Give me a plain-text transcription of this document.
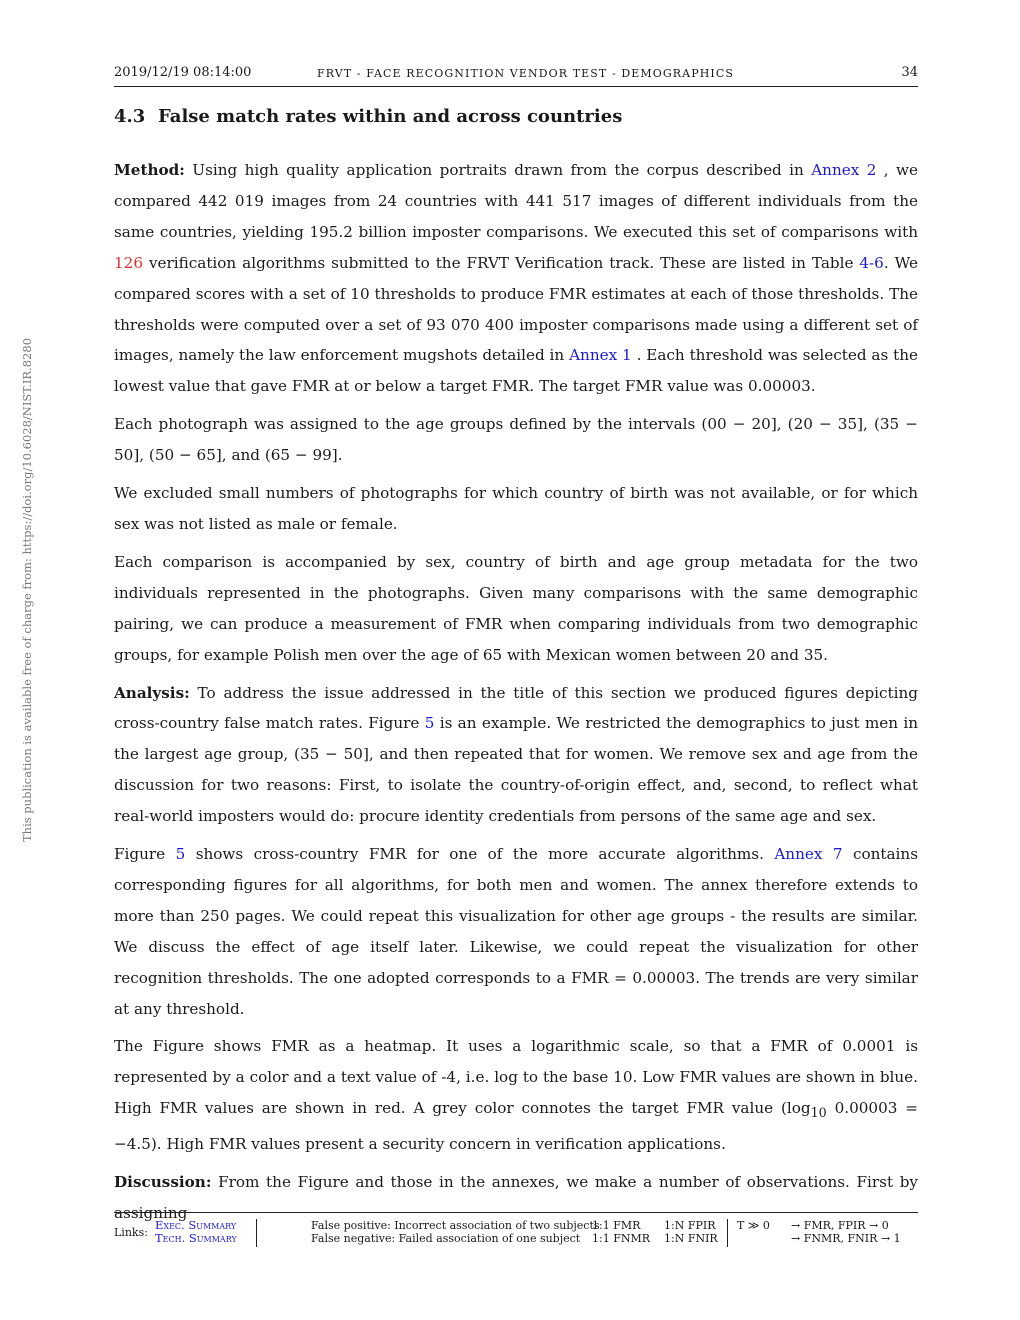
2019/12/19 08:14:00	FRVT - FACE RECOGNITION VENDOR TEST - DEMOGRAPHICS	34
This publication is available free of charge from: https://doi.org/10.6028/NIST.IR.8280
4.3 False match rates within and across countries

Method: Using high quality application portraits drawn from the corpus described in Annex 2 , we compared 442 019 images from 24 countries with 441 517 images of different individuals from the same countries, yielding 195.2 billion imposter comparisons. We executed this set of comparisons with 126 verification algorithms submitted to the FRVT Verification track. These are listed in Table 4-6. We compared scores with a set of 10 thresholds to produce FMR estimates at each of those thresholds. The thresholds were computed over a set of 93 070 400 imposter comparisons made using a different set of images, namely the law enforcement mugshots detailed in Annex 1 . Each threshold was selected as the lowest value that gave FMR at or below a target FMR. The target FMR value was 0.00003.

Each photograph was assigned to the age groups defined by the intervals (00 − 20], (20 − 35], (35 − 50], (50 − 65], and (65 − 99].

We excluded small numbers of photographs for which country of birth was not available, or for which sex was not listed as male or female.

Each comparison is accompanied by sex, country of birth and age group metadata for the two individuals represented in the photographs. Given many comparisons with the same demographic pairing, we can produce a measurement of FMR when comparing individuals from two demographic groups, for example Polish men over the age of 65 with Mexican women between 20 and 35.

Analysis: To address the issue addressed in the title of this section we produced figures depicting cross-country false match rates. Figure 5 is an example. We restricted the demographics to just men in the largest age group, (35 − 50], and then repeated that for women. We remove sex and age from the discussion for two reasons: First, to isolate the country-of-origin effect, and, second, to reflect what real-world imposters would do: procure identity credentials from persons of the same age and sex.

Figure 5 shows cross-country FMR for one of the more accurate algorithms. Annex 7 contains corresponding figures for all algorithms, for both men and women. The annex therefore extends to more than 250 pages. We could repeat this visualization for other age groups - the results are similar. We discuss the effect of age itself later. Likewise, we could repeat the visualization for other recognition thresholds. The one adopted corresponds to a FMR = 0.00003. The trends are very similar at any threshold.

The Figure shows FMR as a heatmap. It uses a logarithmic scale, so that a FMR of 0.0001 is represented by a color and a text value of -4, i.e. log to the base 10. Low FMR values are shown in blue. High FMR values are shown in red. A grey color connotes the target FMR value ($\log_{10}$ 0.00003 = −4.5). High FMR values present a security concern in verification applications.

Discussion: From the Figure and those in the annexes, we make a number of observations. First by assigning

Links:
Exec. Summary
Tech. Summary
False positive: Incorrect association of two subjects
False negative: Failed association of one subject
1:1 FMR
1:1 FNMR
1:N FPIR
1:N FNIR
T ≫ 0 → FMR, FPIR → 0
→ FNMR, FNIR → 1
